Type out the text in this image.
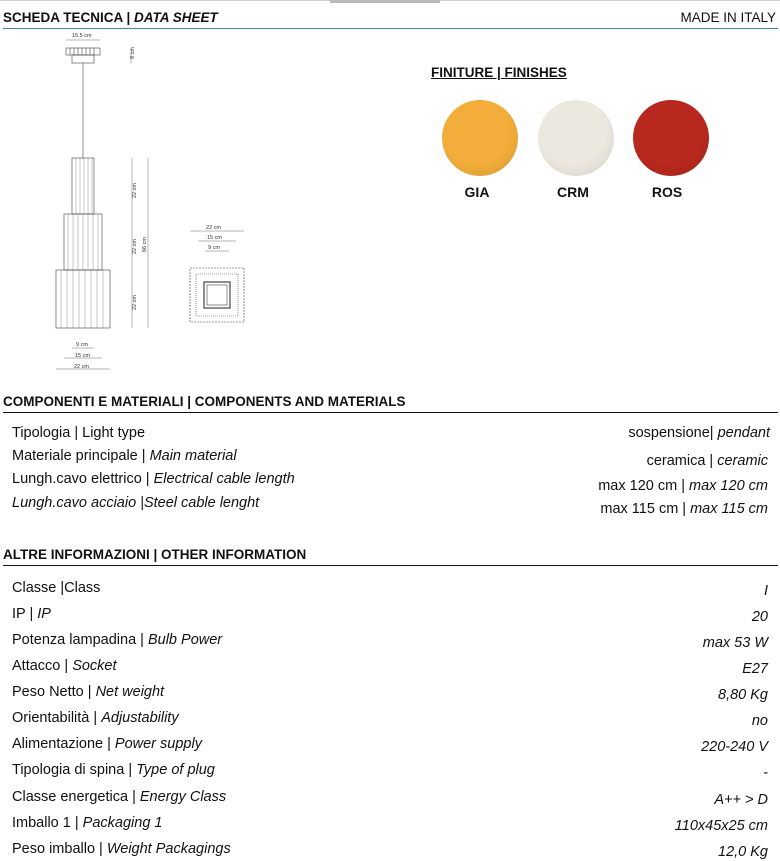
SCHEDA TECNICA | DATA SHEET	MADE IN ITALY
15,5 cm
8 cm
22 cm
22 cm
22 cm
66 cm
9 cm
15 cm
22 cm
22 cm
15 cm
9 cm
FINITURE | FINISHES
GIA	CRM	ROS
COMPONENTI E MATERIALI | COMPONENTS AND MATERIALS
Tipologia | Light type	sospensione| pendant
Materiale principale | Main material	ceramica | ceramic
Lungh.cavo elettrico | Electrical cable length	max 120 cm | max 120 cm
Lungh.cavo acciaio |Steel cable lenght	max 115 cm | max 115 cm
ALTRE INFORMAZIONI | OTHER INFORMATION
Classe |Class	I
IP | IP	20
Potenza lampadina | Bulb Power	max 53 W
Attacco | Socket	E27
Peso Netto | Net weight	8,80 Kg
Orientabilità | Adjustability	no
Alimentazione | Power supply	220-240 V
Tipologia di spina | Type of plug	-
Classe energetica | Energy Class	A++ > D
Imballo 1 | Packaging 1	110x45x25 cm
Peso imballo | Weight Packagings	12,0 Kg
